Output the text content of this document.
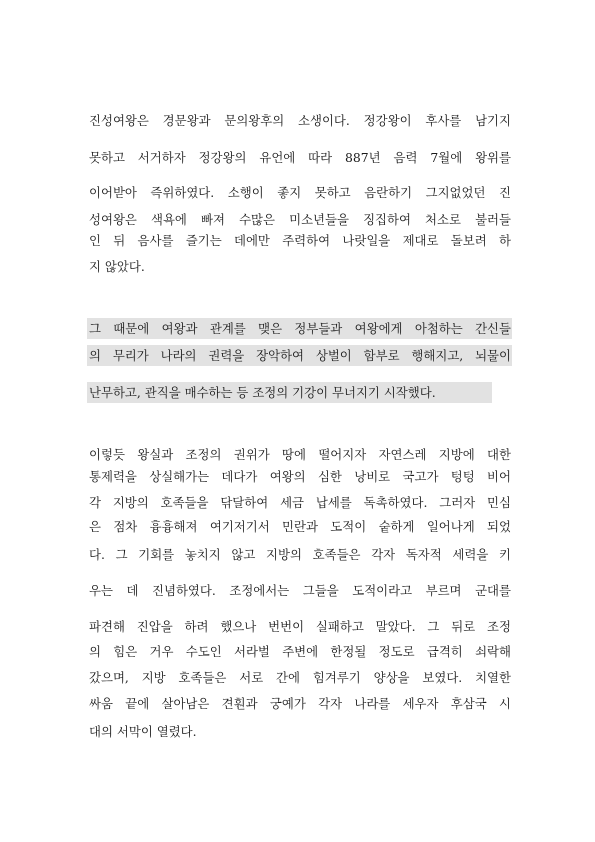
진성여왕은 경문왕과 문의왕후의 소생이다. 정강왕이 후사를 남기지
못하고 서거하자 정강왕의 유언에 따라 887년 음력 7월에 왕위를
이어받아 즉위하였다. 소행이 좋지 못하고 음란하기 그지없었던 진
성여왕은 색욕에 빠져 수많은 미소년들을 징집하여 처소로 불러들
인 뒤 음사를 즐기는 데에만 주력하여 나랏일을 제대로 돌보려 하
지 않았다.
그 때문에 여왕과 관계를 맺은 정부들과 여왕에게 아첨하는 간신들
의 무리가 나라의 권력을 장악하여 상벌이 함부로 행해지고, 뇌물이
난무하고, 관직을 매수하는 등 조정의 기강이 무너지기 시작했다.
이렇듯 왕실과 조정의 권위가 땅에 떨어지자 자연스레 지방에 대한
통제력을 상실해가는 데다가 여왕의 심한 낭비로 국고가 텅텅 비어
각 지방의 호족들을 닦달하여 세금 납세를 독촉하였다. 그러자 민심
은 점차 흉흉해져 여기저기서 민란과 도적이 숱하게 일어나게 되었
다. 그 기회를 놓치지 않고 지방의 호족들은 각자 독자적 세력을 키
우는 데 진념하였다. 조정에서는 그들을 도적이라고 부르며 군대를
파견해 진압을 하려 했으나 번번이 실패하고 말았다. 그 뒤로 조정
의 힘은 거우 수도인 서라벌 주변에 한정될 정도로 급격히 쇠락해
갔으며, 지방 호족들은 서로 간에 힘겨루기 양상을 보였다. 치열한
싸움 끝에 살아남은 견훤과 궁예가 각자 나라를 세우자 후삼국 시
대의 서막이 열렸다.
